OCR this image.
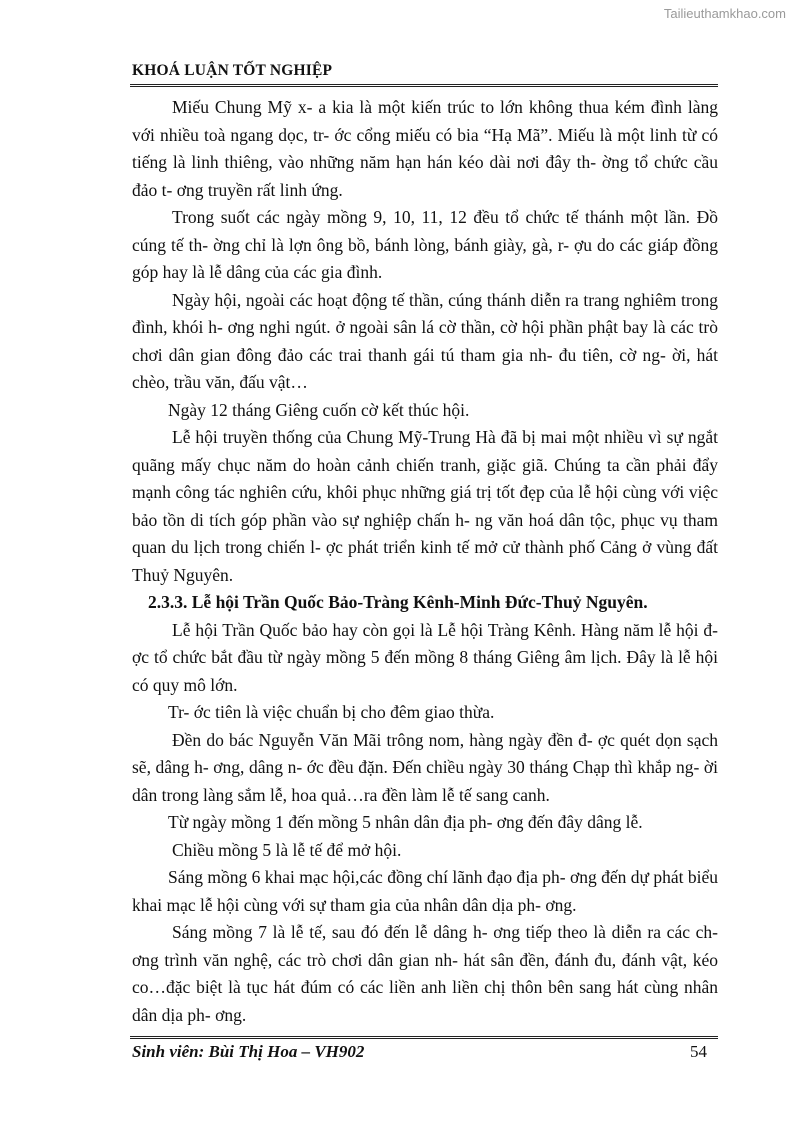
Tailieuthamkhao.com
KHOÁ LUẬN TỐT NGHIỆP

Miếu Chung Mỹ x- a kia là một kiến trúc to lớn không thua kém đình làng với nhiều toà ngang dọc, tr- ớc cổng miếu có bia “Hạ Mã”. Miếu là một linh từ có tiếng là linh thiêng, vào những năm hạn hán kéo dài nơi đây th- ờng tổ chức cầu đảo t- ơng truyền rất linh ứng.

Trong suốt các ngày mồng 9, 10, 11, 12 đều tổ chức tế thánh một lần. Đồ cúng tế th- ờng chỉ là lợn ông bồ, bánh lòng, bánh giày, gà, r- ợu do các giáp đồng góp hay là lễ dâng của các gia đình.

Ngày hội, ngoài các hoạt động tế thần, cúng thánh diễn ra trang nghiêm trong đình, khói h- ơng nghi ngút. ở ngoài sân lá cờ thần, cờ hội phần phật bay là các trò chơi dân gian đông đảo các trai thanh gái tú tham gia nh- đu tiên, cờ ng- ời, hát chèo, trầu văn, đấu vật…

Ngày 12 tháng Giêng cuốn cờ kết thúc hội.

Lễ hội truyền thống của Chung Mỹ-Trung Hà đã bị mai một nhiều vì sự ngắt quãng mấy chục năm do hoàn cảnh chiến tranh, giặc giã. Chúng ta cần phải đẩy mạnh công tác nghiên cứu, khôi phục những giá trị tốt đẹp của lễ hội cùng với việc bảo tồn di tích góp phần vào sự nghiệp chấn h- ng văn hoá dân tộc, phục vụ tham quan du lịch trong chiến l- ợc phát triển kinh tế mở cử thành phố Cảng ở vùng đất Thuỷ Nguyên.

2.3.3. Lễ hội Trần Quốc Bảo-Tràng Kênh-Minh Đức-Thuỷ Nguyên.

Lễ hội Trần Quốc bảo hay còn gọi là Lễ hội Tràng Kênh. Hàng năm lễ hội đ- ợc tổ chức bắt đầu từ ngày mồng 5 đến mồng 8 tháng Giêng âm lịch. Đây là lễ hội có quy mô lớn.

Tr- ớc tiên là việc chuẩn bị cho đêm giao thừa.

Đền do bác Nguyễn Văn Mãi trông nom, hàng ngày đền đ- ợc quét dọn sạch sẽ, dâng h- ơng, dâng n- ớc đều đặn. Đến chiều ngày 30 tháng Chạp thì khắp ng- ời dân trong làng sắm lễ, hoa quả…ra đền làm lễ tế sang canh.

Từ ngày mồng 1 đến mồng 5 nhân dân địa ph- ơng đến đây dâng lễ.

Chiều mồng 5 là lễ tế để mở hội.

Sáng mồng 6 khai mạc hội,các đồng chí lãnh đạo địa ph- ơng đến dự phát biểu khai mạc lễ hội cùng với sự tham gia của nhân dân dịa ph- ơng.

Sáng mồng 7 là lễ tế, sau đó đến lễ dâng h- ơng tiếp theo là diễn ra các ch- ơng trình văn nghệ, các trò chơi dân gian nh- hát sân đền, đánh đu, đánh vật, kéo co…đặc biệt là tục hát đúm có các liền anh liền chị thôn bên sang hát cùng nhân dân dịa ph- ơng.

Sinh viên: Bùi Thị Hoa – VH902	54
